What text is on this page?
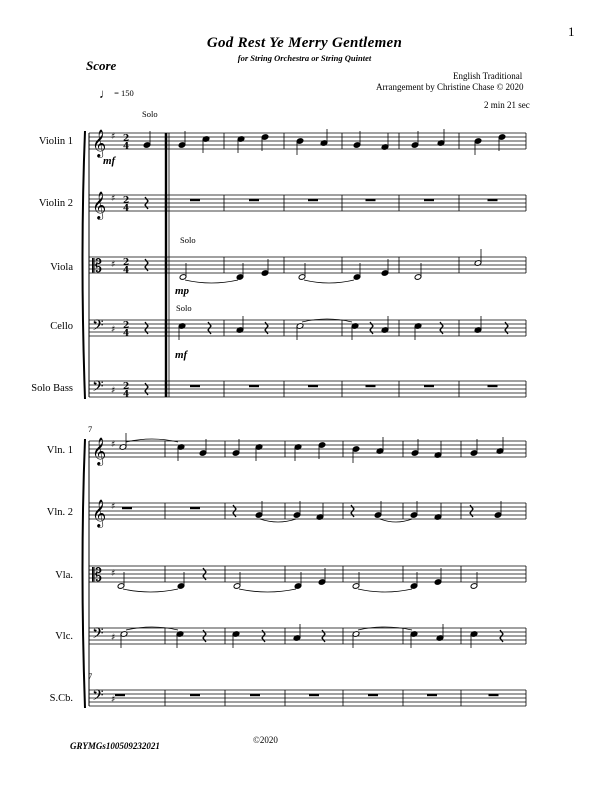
1
God Rest Ye Merry Gentlemen
for String Orchestra or String Quintet
Score
English Traditional
Arrangement by Christine Chase © 2020
2 min 21 sec
♩ = 150
Violin 1
Violin 2
Viola
Cello
Solo Bass
Vln. 1
Vln. 2
Vla.
Vlc.
S.Cb.
Solo
Solo
Solo
mf
mp
mf
7
7
GRYMGs100509232021
©2020
𝄞
𝄞
𝄡
𝄢
𝄢
♯ 2
4
♯ 2
4
♯ 2
4
♯ 2
4
♯ 2
4
𝄞
𝄞
𝄡
𝄢
𝄢
♯
♯
♯
♯
♯
